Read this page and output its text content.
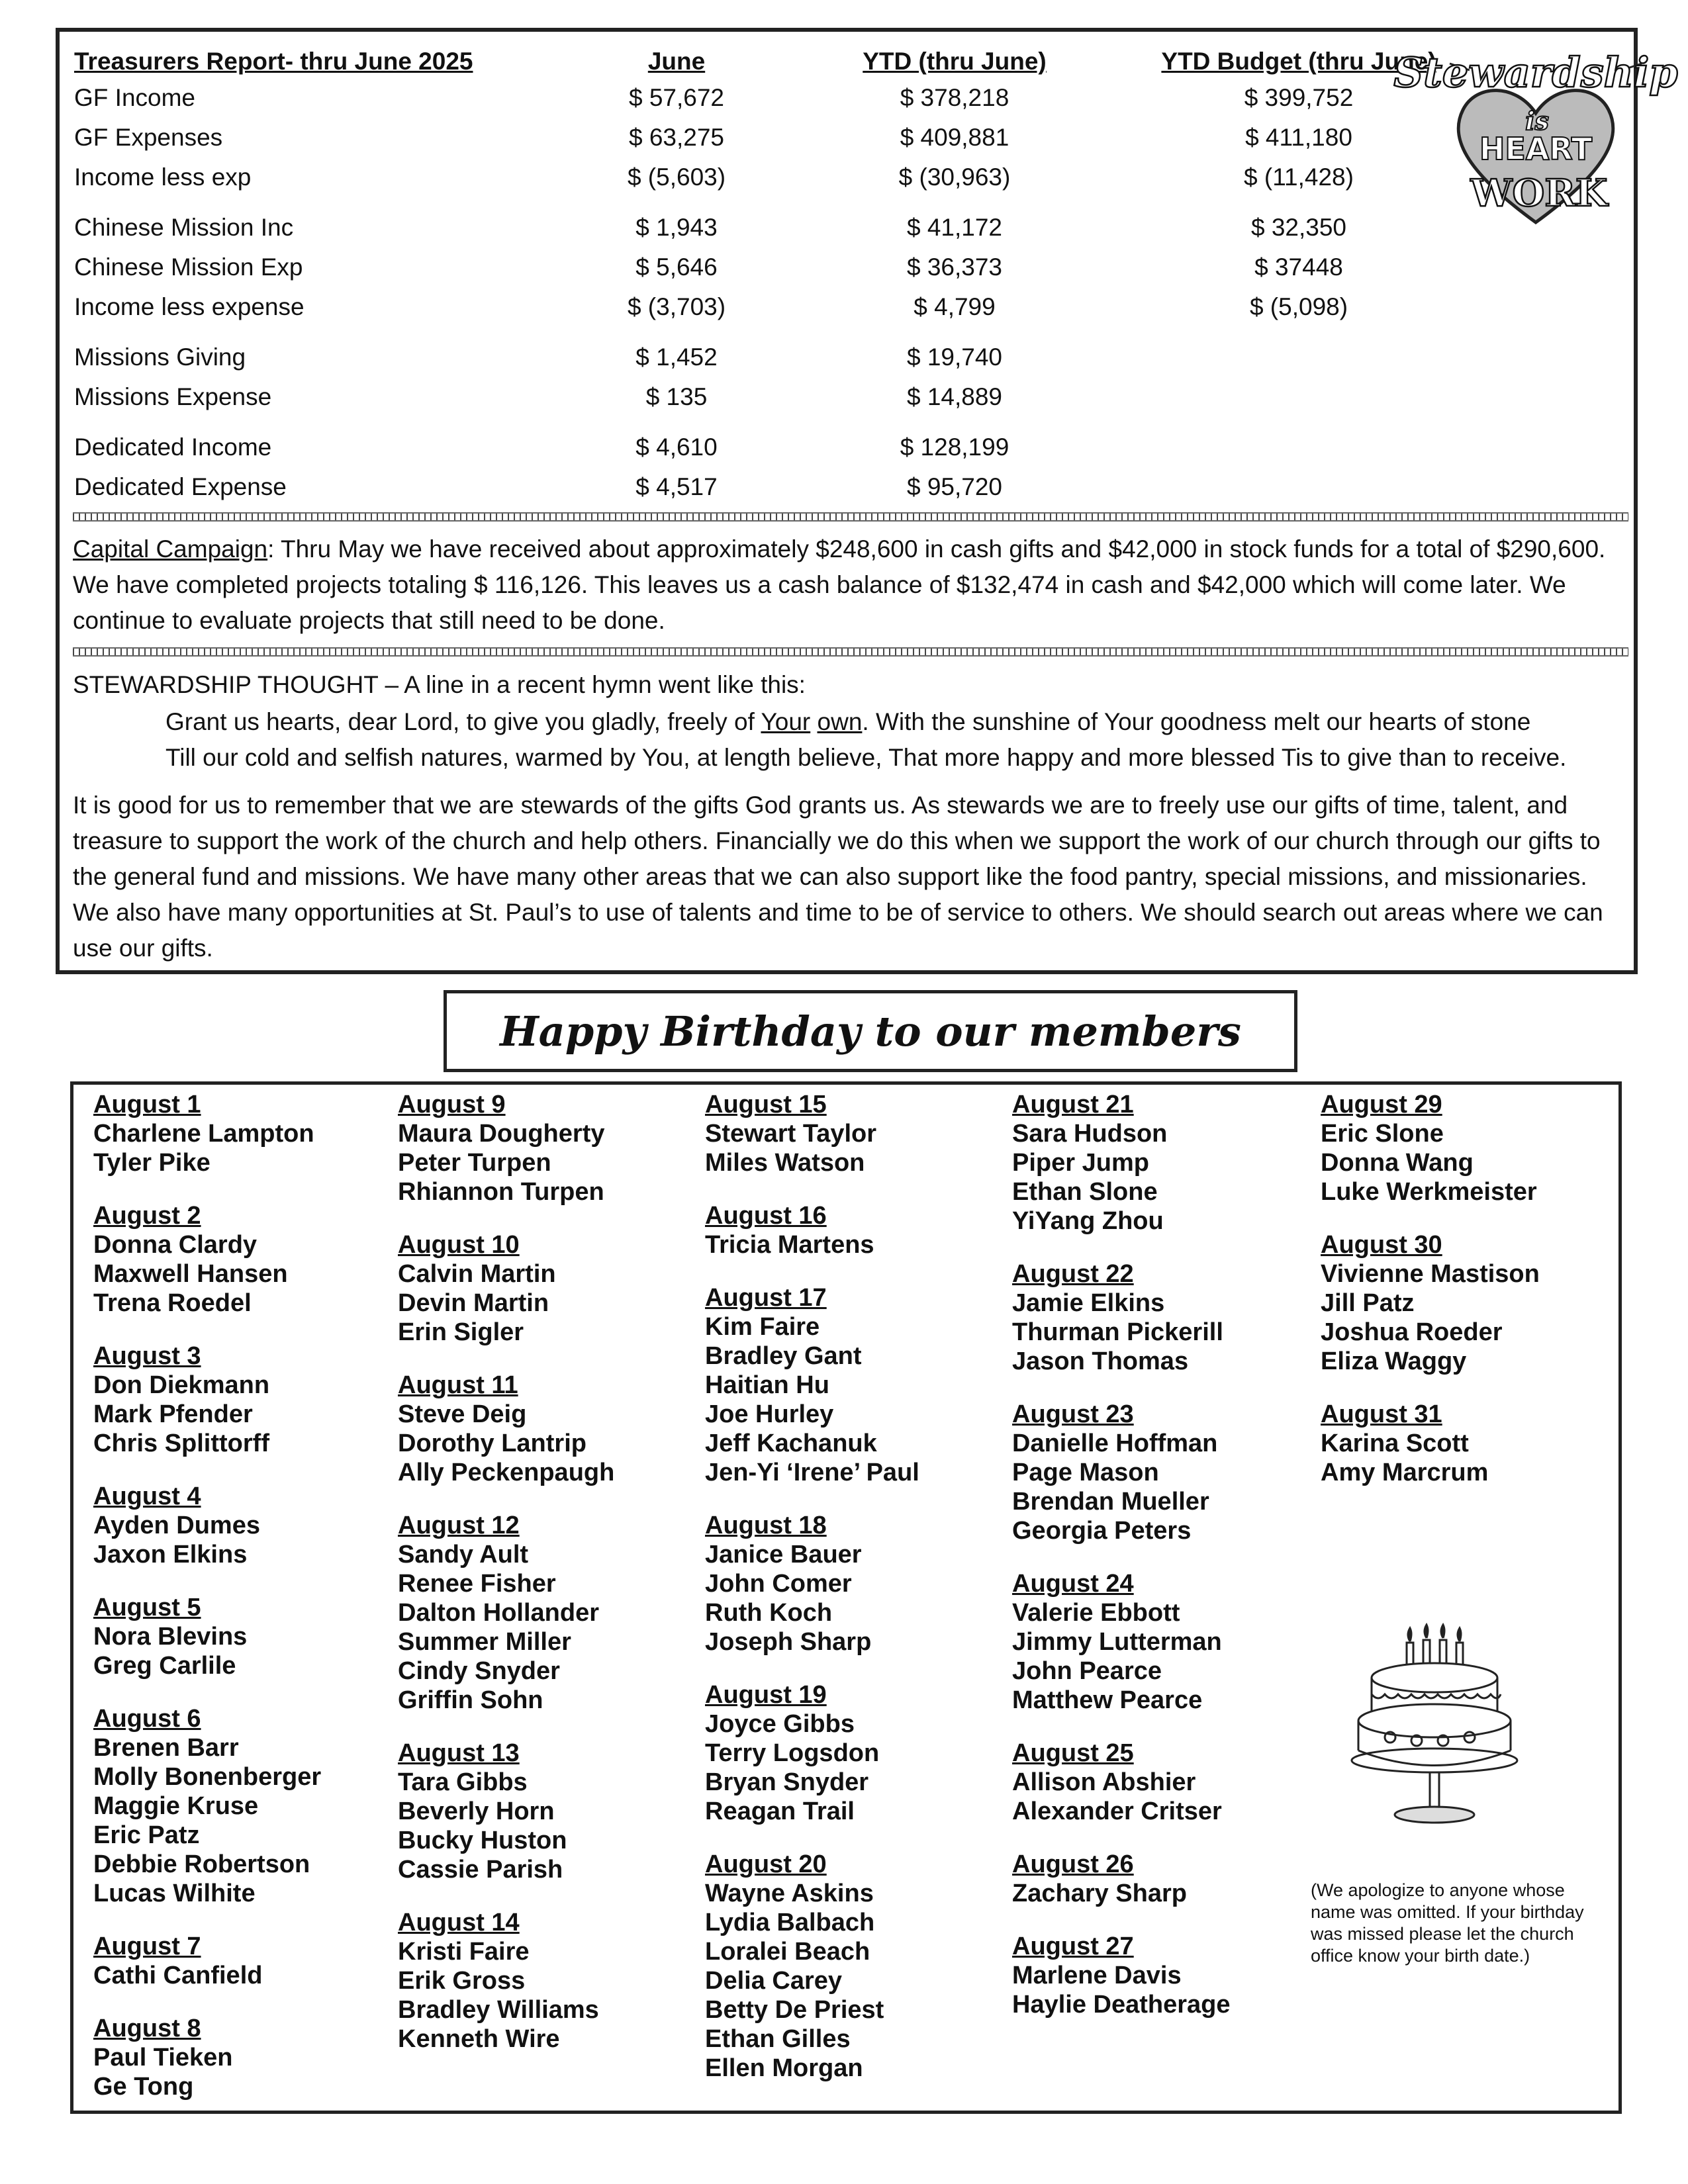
Treasurers Report- thru June 2025	June	YTD (thru June)	YTD Budget (thru June)
GF Income	$ 57,672	$ 378,218	$ 399,752
GF Expenses	$ 63,275	$ 409,881	$ 411,180
Income less exp	$ (5,603)	$ (30,963)	$ (11,428)
Chinese Mission Inc	$ 1,943	$ 41,172	$ 32,350
Chinese Mission Exp	$ 5,646	$ 36,373	$ 37448
Income less expense	$ (3,703)	$ 4,799	$ (5,098)
Missions Giving	$ 1,452	$ 19,740	
Missions Expense	$ 135	$ 14,889	
Dedicated Income	$ 4,610	$ 128,199	
Dedicated Expense	$ 4,517	$ 95,720	
Stewardship
is
HEART
WORK
Capital Campaign: Thru May we have received about approximately $248,600 in cash gifts and $42,000 in stock funds for a total of $290,600. We have completed projects totaling $ 116,126. This leaves us a cash balance of $132,474 in cash and $42,000 which will come later. We continue to evaluate projects that still need to be done.
STEWARDSHIP THOUGHT – A line in a recent hymn went like this:
Grant us hearts, dear Lord, to give you gladly, freely of Your own. With the sunshine of Your goodness melt our hearts of stone
Till our cold and selfish natures, warmed by You, at length believe, That more happy and more blessed Tis to give than to receive.
It is good for us to remember that we are stewards of the gifts God grants us. As stewards we are to freely use our gifts of time, talent, and treasure to support the work of the church and help others. Financially we do this when we support the work of our church through our gifts to the general fund and missions. We have many other areas that we can also support like the food pantry, special missions, and missionaries. We also have many opportunities at St. Paul’s to use of talents and time to be of service to others. We should search out areas where we can use our gifts.
Happy Birthday to our members
August 1
Charlene Lampton
Tyler Pike
August 2
Donna Clardy
Maxwell Hansen
Trena Roedel
August 3
Don Diekmann
Mark Pfender
Chris Splittorff
August 4
Ayden Dumes
Jaxon Elkins
August 5
Nora Blevins
Greg Carlile
August 6
Brenen Barr
Molly Bonenberger
Maggie Kruse
Eric Patz
Debbie Robertson
Lucas Wilhite
August 7
Cathi Canfield
August 8
Paul Tieken
Ge Tong
August 9
Maura Dougherty
Peter Turpen
Rhiannon Turpen
August 10
Calvin Martin
Devin Martin
Erin Sigler
August 11
Steve Deig
Dorothy Lantrip
Ally Peckenpaugh
August 12
Sandy Ault
Renee Fisher
Dalton Hollander
Summer Miller
Cindy Snyder
Griffin Sohn
August 13
Tara Gibbs
Beverly Horn
Bucky Huston
Cassie Parish
August 14
Kristi Faire
Erik Gross
Bradley Williams
Kenneth Wire
August 15
Stewart Taylor
Miles Watson
August 16
Tricia Martens
August 17
Kim Faire
Bradley Gant
Haitian Hu
Joe Hurley
Jeff Kachanuk
Jen-Yi ‘Irene’ Paul
August 18
Janice Bauer
John Comer
Ruth Koch
Joseph Sharp
August 19
Joyce Gibbs
Terry Logsdon
Bryan Snyder
Reagan Trail
August 20
Wayne Askins
Lydia Balbach
Loralei Beach
Delia Carey
Betty De Priest
Ethan Gilles
Ellen Morgan
August 21
Sara Hudson
Piper Jump
Ethan Slone
YiYang Zhou
August 22
Jamie Elkins
Thurman Pickerill
Jason Thomas
August 23
Danielle Hoffman
Page Mason
Brendan Mueller
Georgia Peters
August 24
Valerie Ebbott
Jimmy Lutterman
John Pearce
Matthew Pearce
August 25
Allison Abshier
Alexander Critser
August 26
Zachary Sharp
August 27
Marlene Davis
Haylie Deatherage
August 29
Eric Slone
Donna Wang
Luke Werkmeister
August 30
Vivienne Mastison
Jill Patz
Joshua Roeder
Eliza Waggy
August 31
Karina Scott
Amy Marcrum
(We apologize to anyone whose name was omitted. If your birthday was missed please let the church office know your birth date.)
